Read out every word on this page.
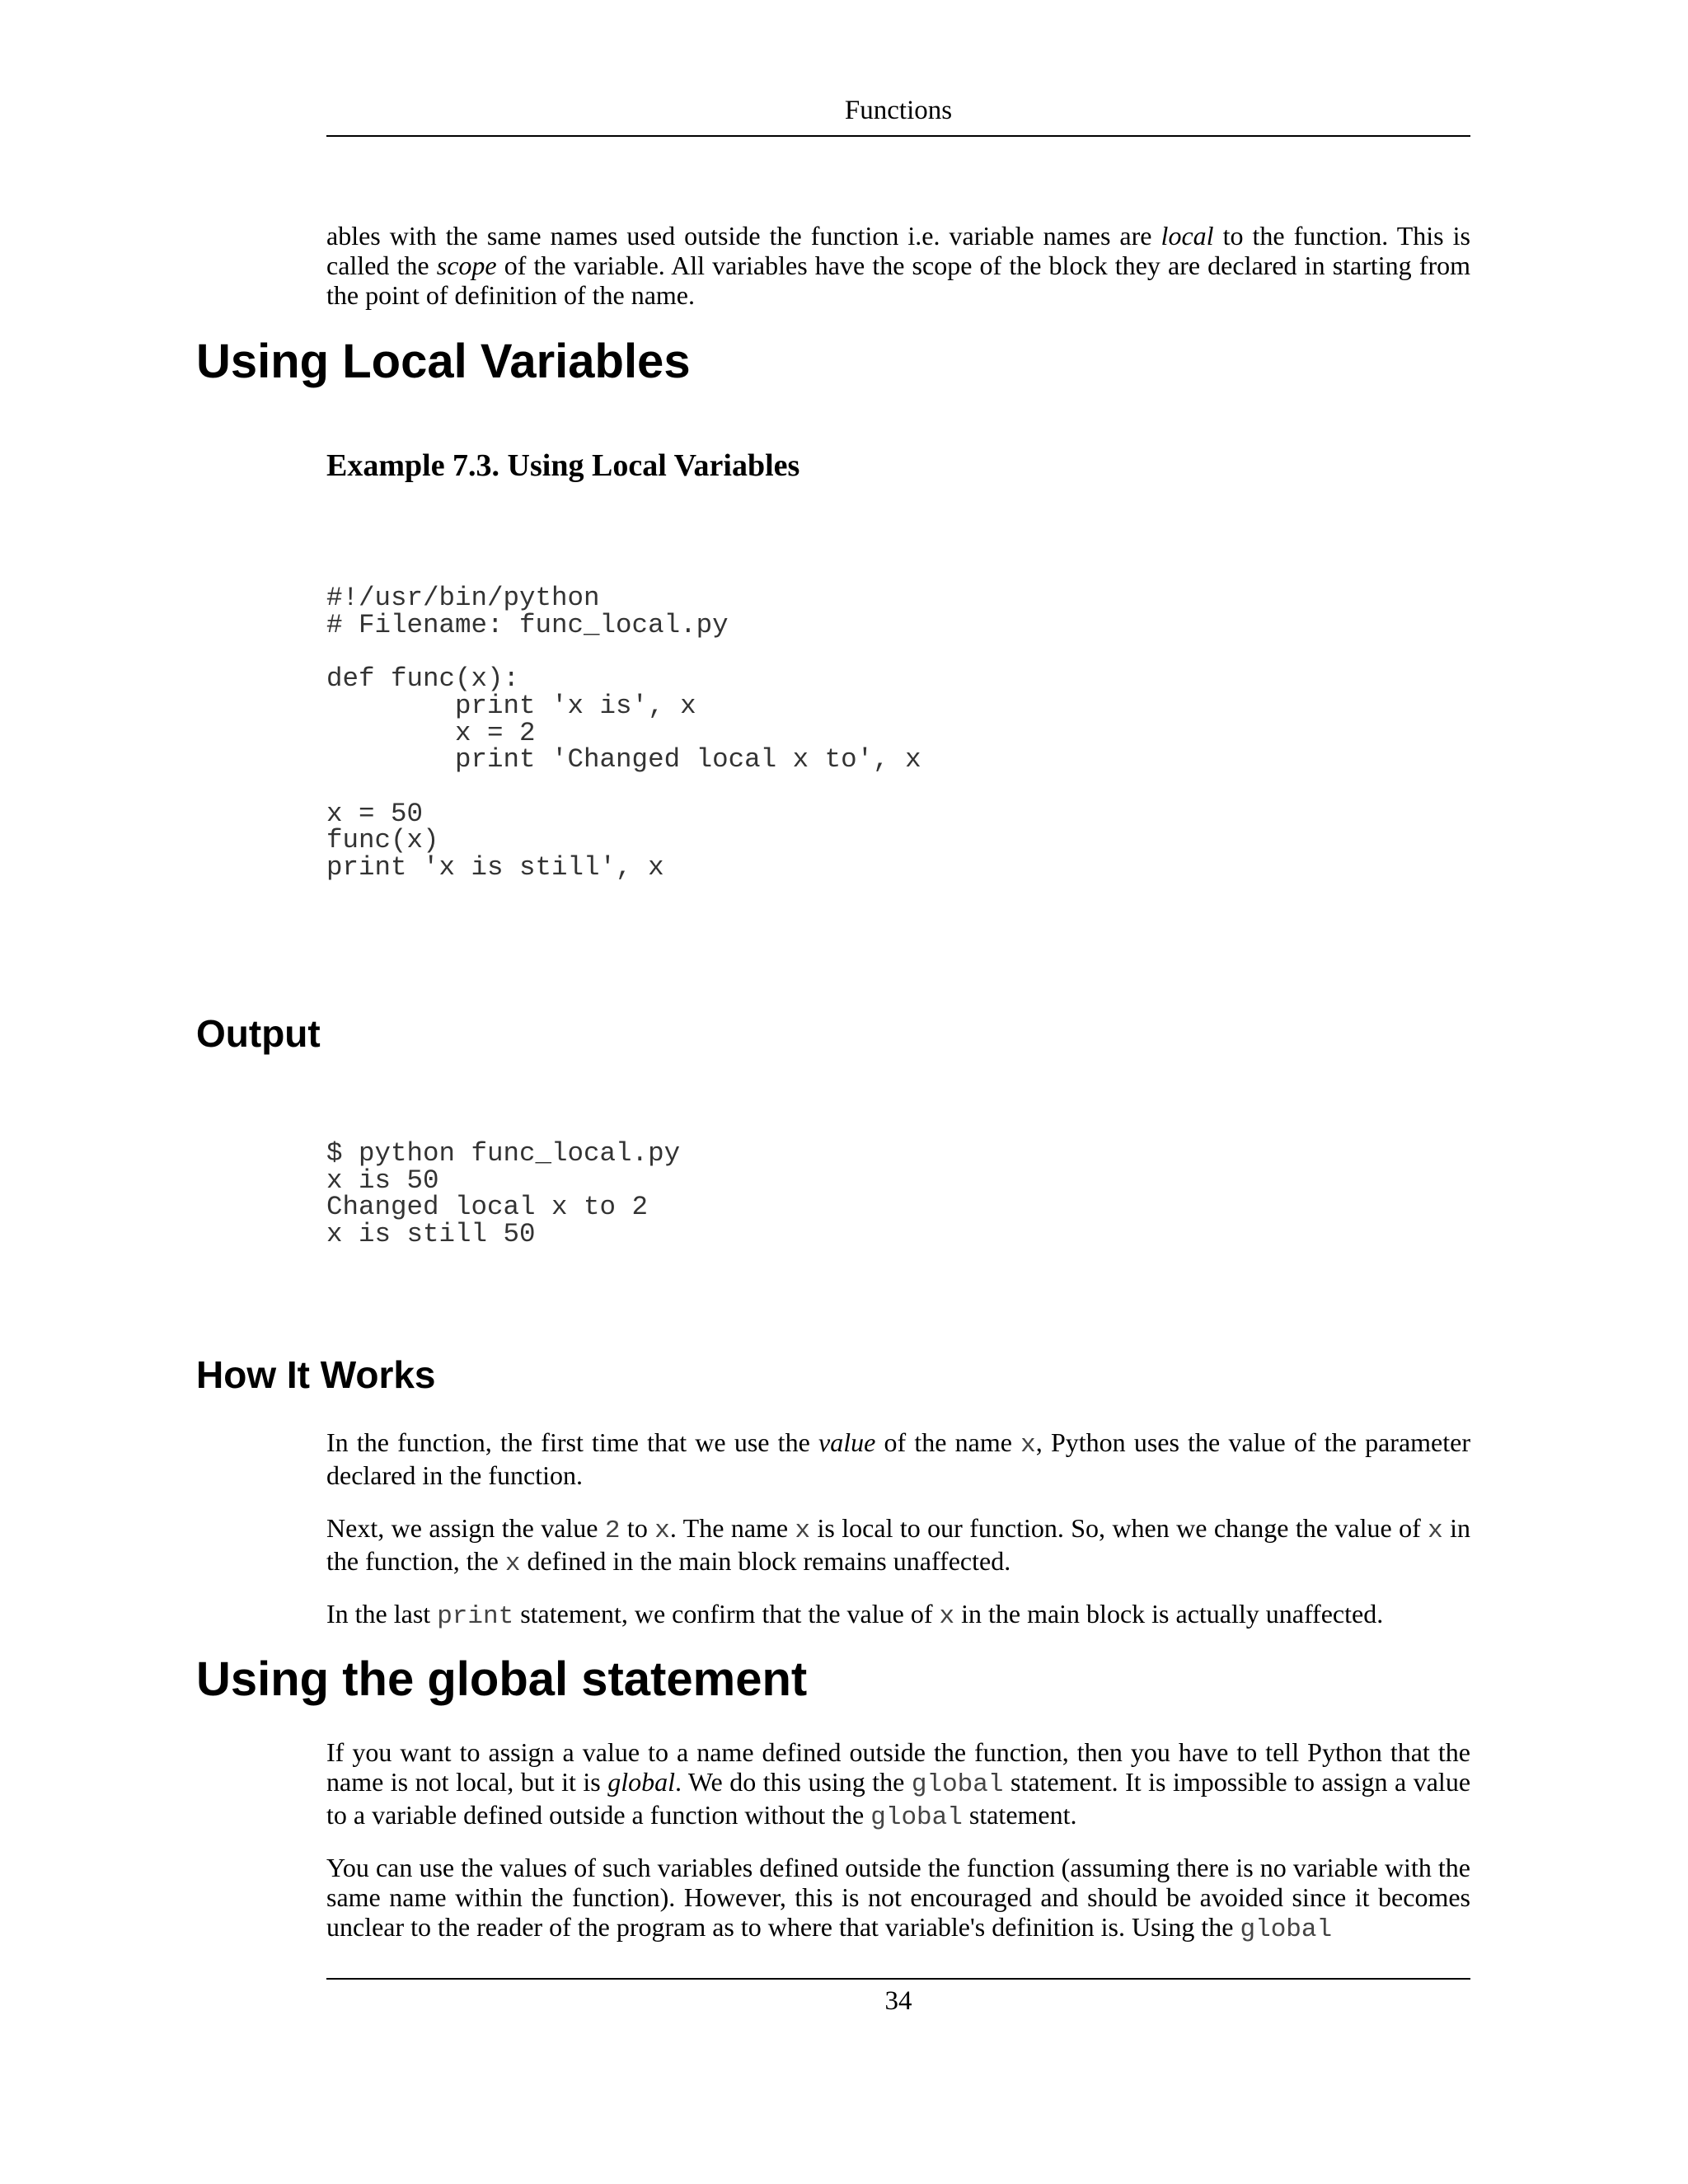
Functions

ables with the same names used outside the function i.e. variable names are local to the function. This is called the scope of the variable. All variables have the scope of the block they are declared in starting from the point of definition of the name.

Using Local Variables
Example 7.3. Using Local Variables
#!/usr/bin/python
# Filename: func_local.py

def func(x):
print 'x is', x
x = 2
print 'Changed local x to', x

x = 50
func(x)
print 'x is still', x
Output
$ python func_local.py
x is 50
Changed local x to 2
x is still 50
How It Works

In the function, the first time that we use the value of the name x, Python uses the value of the parameter declared in the function.

Next, we assign the value 2 to x. The name x is local to our function. So, when we change the value of x in the function, the x defined in the main block remains unaffected.

In the last print statement, we confirm that the value of x in the main block is actually unaffected.

Using the global statement

If you want to assign a value to a name defined outside the function, then you have to tell Python that the name is not local, but it is global. We do this using the global statement. It is impossible to assign a value to a variable defined outside a function without the global statement.

You can use the values of such variables defined outside the function (assuming there is no variable with the same name within the function). However, this is not encouraged and should be avoided since it becomes unclear to the reader of the program as to where that variable's definition is. Using the global

34
